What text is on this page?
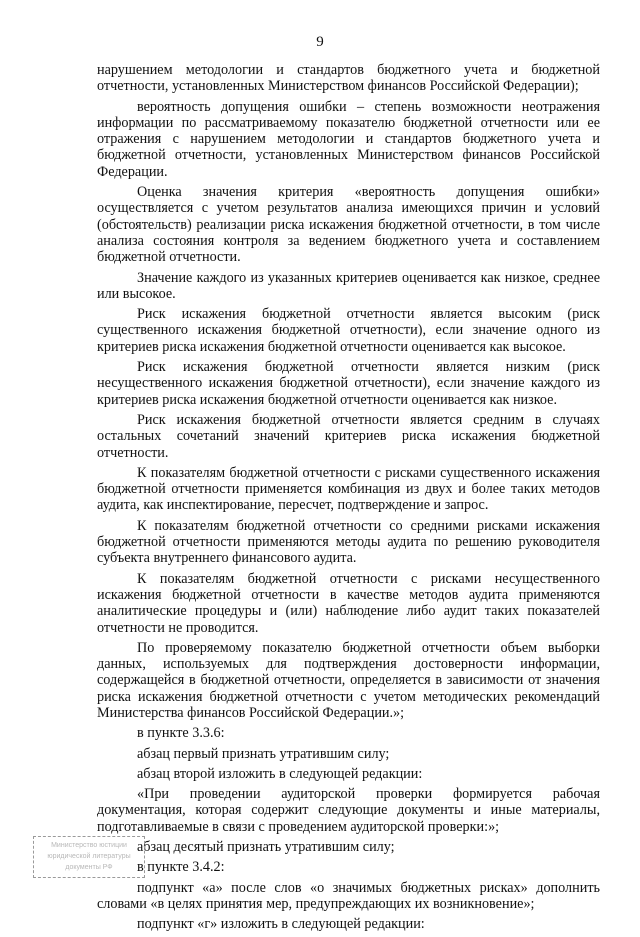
9

нарушением методологии и стандартов бюджетного учета и бюджетной отчетности, установленных Министерством финансов Российской Федерации);

вероятность допущения ошибки – степень возможности неотражения информации по рассматриваемому показателю бюджетной отчетности или ее отражения с нарушением методологии и стандартов бюджетного учета и бюджетной отчетности, установленных Министерством финансов Российской Федерации.

Оценка значения критерия «вероятность допущения ошибки» осуществляется с учетом результатов анализа имеющихся причин и условий (обстоятельств) реализации риска искажения бюджетной отчетности, в том числе анализа состояния контроля за ведением бюджетного учета и составлением бюджетной отчетности.

Значение каждого из указанных критериев оценивается как низкое, среднее или высокое.

Риск искажения бюджетной отчетности является высоким (риск существенного искажения бюджетной отчетности), если значение одного из критериев риска искажения бюджетной отчетности оценивается как высокое.

Риск искажения бюджетной отчетности является низким (риск несущественного искажения бюджетной отчетности), если значение каждого из критериев риска искажения бюджетной отчетности оценивается как низкое.

Риск искажения бюджетной отчетности является средним в случаях остальных сочетаний значений критериев риска искажения бюджетной отчетности.

К показателям бюджетной отчетности с рисками существенного искажения бюджетной отчетности применяется комбинация из двух и более таких методов аудита, как инспектирование, пересчет, подтверждение и запрос.

К показателям бюджетной отчетности со средними рисками искажения бюджетной отчетности применяются методы аудита по решению руководителя субъекта внутреннего финансового аудита.

К показателям бюджетной отчетности с рисками несущественного искажения бюджетной отчетности в качестве методов аудита применяются аналитические процедуры и (или) наблюдение либо аудит таких показателей отчетности не проводится.

По проверяемому показателю бюджетной отчетности объем выборки данных, используемых для подтверждения достоверности информации, содержащейся в бюджетной отчетности, определяется в зависимости от значения риска искажения бюджетной отчетности с учетом методических рекомендаций Министерства финансов Российской Федерации.»;

в пункте 3.3.6:

абзац первый признать утратившим силу;

абзац второй изложить в следующей редакции:

«При проведении аудиторской проверки формируется рабочая документация, которая содержит следующие документы и иные материалы, подготавливаемые в связи с проведением аудиторской проверки:»;

абзац десятый признать утратившим силу;

в пункте 3.4.2:

подпункт «а» после слов «о значимых бюджетных рисках» дополнить словами «в целях принятия мер, предупреждающих их возникновение»;

подпункт «г» изложить в следующей редакции:

Министерство юстиции
юридической литературы
документы РФ
